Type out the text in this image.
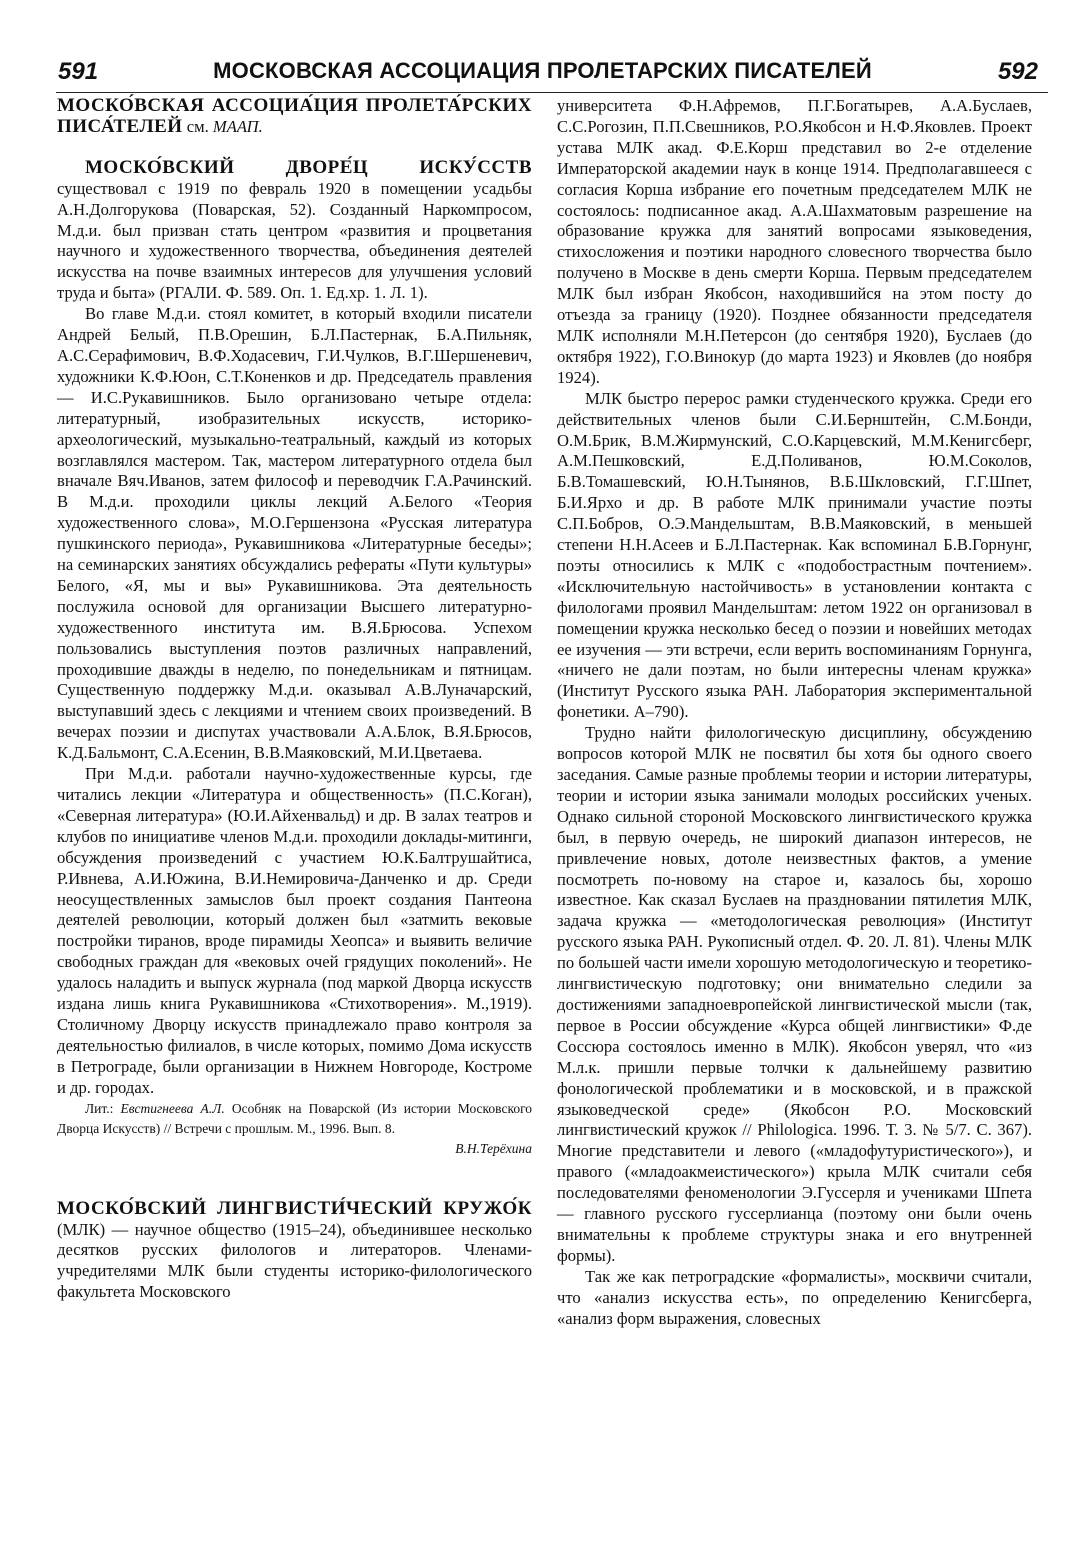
591	МОСКОВСКАЯ АССОЦИАЦИЯ ПРОЛЕТАРСКИХ ПИСАТЕЛЕЙ	592

МОСКО́ВСКАЯ АССОЦИА́ЦИЯ ПРОЛЕТА́РСКИХ ПИСА́ТЕЛЕЙ см. МААП.

МОСКО́ВСКИЙ ДВОРЕ́Ц ИСКУ́ССТВ существовал с 1919 по февраль 1920 в помещении усадьбы А.Н.Долгорукова (Поварская, 52). Созданный Наркомпросом, М.д.и. был призван стать центром «развития и процветания научного и художественного творчества, объединения деятелей искусства на почве взаимных интересов для улучшения условий труда и быта» (РГАЛИ. Ф. 589. Оп. 1. Ед.хр. 1. Л. 1).

Во главе М.д.и. стоял комитет, в который входили писатели Андрей Белый, П.В.Орешин, Б.Л.Пастернак, Б.А.Пильняк, А.С.Серафимович, В.Ф.Ходасевич, Г.И.Чулков, В.Г.Шершеневич, художники К.Ф.Юон, С.Т.Коненков и др. Председатель правления — И.С.Рукавишников. Было организовано четыре отдела: литературный, изобразительных искусств, историко-археологический, музыкально-театральный, каждый из которых возглавлялся мастером. Так, мастером литературного отдела был вначале Вяч.Иванов, затем философ и переводчик Г.А.Рачинский. В М.д.и. проходили циклы лекций А.Белого «Теория художественного слова», М.О.Гершензона «Русская литература пушкинского периода», Рукавишникова «Литературные беседы»; на семинарских занятиях обсуждались рефераты «Пути культуры» Белого, «Я, мы и вы» Рукавишникова. Эта деятельность послужила основой для организации Высшего литературно-художественного института им. В.Я.Брюсова. Успехом пользовались выступления поэтов различных направлений, проходившие дважды в неделю, по понедельникам и пятницам. Существенную поддержку М.д.и. оказывал А.В.Луначарский, выступавший здесь с лекциями и чтением своих произведений. В вечерах поэзии и диспутах участвовали А.А.Блок, В.Я.Брюсов, К.Д.Бальмонт, С.А.Есенин, В.В.Маяковский, М.И.Цветаева.

При М.д.и. работали научно-художественные курсы, где читались лекции «Литература и общественность» (П.С.Коган), «Северная литература» (Ю.И.Айхенвальд) и др. В залах театров и клубов по инициативе членов М.д.и. проходили доклады-митинги, обсуждения произведений с участием Ю.К.Балтрушайтиса, Р.Ивнева, А.И.Южина, В.И.Немировича-Данченко и др. Среди неосуществленных замыслов был проект создания Пантеона деятелей революции, который должен был «затмить вековые постройки тиранов, вроде пирамиды Хеопса» и выявить величие свободных граждан для «вековых очей грядущих поколений». Не удалось наладить и выпуск журнала (под маркой Дворца искусств издана лишь книга Рукавишникова «Стихотворения». М.,1919). Столичному Дворцу искусств принадлежало право контроля за деятельностью филиалов, в числе которых, помимо Дома искусств в Петрограде, были организации в Нижнем Новгороде, Костроме и др. городах.

Лит.: Евстигнеева А.Л. Особняк на Поварской (Из истории Московского Дворца Искусств) // Встречи с прошлым. М., 1996. Вып. 8.

В.Н.Терёхина

МОСКО́ВСКИЙ ЛИНГВИСТИ́ЧЕСКИЙ КРУЖО́К (МЛК) — научное общество (1915–24), объединившее несколько десятков русских филологов и литераторов. Членами-учредителями МЛК были студенты историко-филологического факультета Московского

университета Ф.Н.Афремов, П.Г.Богатырев, А.А.Буслаев, С.С.Рогозин, П.П.Свешников, Р.О.Якобсон и Н.Ф.Яковлев. Проект устава МЛК акад. Ф.Е.Корш представил во 2-е отделение Императорской академии наук в конце 1914. Предполагавшееся с согласия Корша избрание его почетным председателем МЛК не состоялось: подписанное акад. А.А.Шахматовым разрешение на образование кружка для занятий вопросами языковедения, стихосложения и поэтики народного словесного творчества было получено в Москве в день смерти Корша. Первым председателем МЛК был избран Якобсон, находившийся на этом посту до отъезда за границу (1920). Позднее обязанности председателя МЛК исполняли М.Н.Петерсон (до сентября 1920), Буслаев (до октября 1922), Г.О.Винокур (до марта 1923) и Яковлев (до ноября 1924).

МЛК быстро перерос рамки студенческого кружка. Среди его действительных членов были С.И.Бернштейн, С.М.Бонди, О.М.Брик, В.М.Жирмунский, С.О.Карцевский, М.М.Кенигсберг, А.М.Пешковский, Е.Д.Поливанов, Ю.М.Соколов, Б.В.Томашевский, Ю.Н.Тынянов, В.Б.Шкловский, Г.Г.Шпет, Б.И.Ярхо и др. В работе МЛК принимали участие поэты С.П.Бобров, О.Э.Мандельштам, В.В.Маяковский, в меньшей степени Н.Н.Асеев и Б.Л.Пастернак. Как вспоминал Б.В.Горнунг, поэты относились к МЛК с «подобострастным почтением». «Исключительную настойчивость» в установлении контакта с филологами проявил Мандельштам: летом 1922 он организовал в помещении кружка несколько бесед о поэзии и новейших методах ее изучения — эти встречи, если верить воспоминаниям Горнунга, «ничего не дали поэтам, но были интересны членам кружка» (Институт Русского языка РАН. Лаборатория экспериментальной фонетики. А–790).

Трудно найти филологическую дисциплину, обсуждению вопросов которой МЛК не посвятил бы хотя бы одного своего заседания. Самые разные проблемы теории и истории литературы, теории и истории языка занимали молодых российских ученых. Однако сильной стороной Московского лингвистического кружка был, в первую очередь, не широкий диапазон интересов, не привлечение новых, дотоле неизвестных фактов, а умение посмотреть по-новому на старое и, казалось бы, хорошо известное. Как сказал Буслаев на праздновании пятилетия МЛК, задача кружка — «методологическая революция» (Институт русского языка РАН. Рукописный отдел. Ф. 20. Л. 81). Члены МЛК по большей части имели хорошую методологическую и теоретико-лингвистическую подготовку; они внимательно следили за достижениями западноевропейской лингвистической мысли (так, первое в России обсуждение «Курса общей лингвистики» Ф.де Соссюра состоялось именно в МЛК). Якобсон уверял, что «из М.л.к. пришли первые толчки к дальнейшему развитию фонологической проблематики и в московской, и в пражской языковедческой среде» (Якобсон Р.О. Московский лингвистический кружок // Philologica. 1996. Т. 3. № 5/7. С. 367). Многие представители и левого («младофутуристического»), и правого («младоакмеистического») крыла МЛК считали себя последователями феноменологии Э.Гуссерля и учениками Шпета — главного русского гуссерлианца (поэтому они были очень внимательны к проблеме структуры знака и его внутренней формы).

Так же как петроградские «формалисты», москвичи считали, что «анализ искусства есть», по определению Кенигсберга, «анализ форм выражения, словесных
